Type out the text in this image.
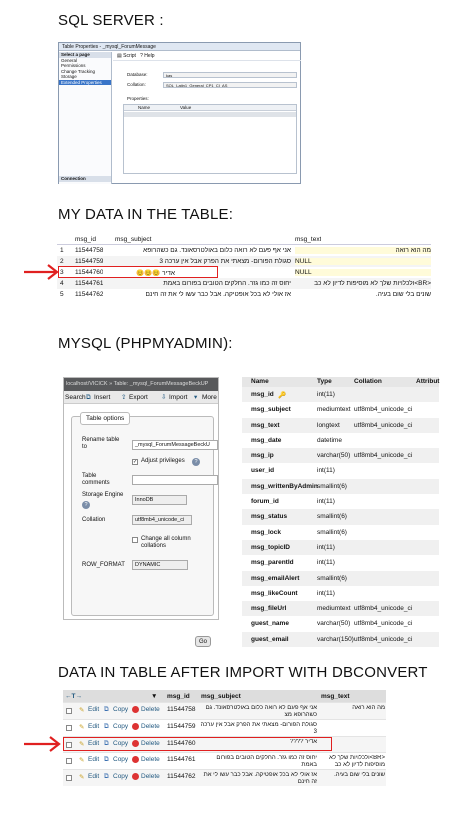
SQL SERVER :
MY DATA IN THE TABLE:
MYSQL (PHPMYADMIN):
DATA IN TABLE AFTER IMPORT WITH DBCONVERT
Table Properties - _mysql_ForumMessage
Select a page
General
Permissions
Change Tracking
Storage
Extended Properties
Connection
▤ Script ? Help
Database:	kas
Collation:	SQL_Latin1_General_CP1_CI_AS
Properties:
Name	Value
msg_id	msg_subject	msg_text
1 11544758	אני אף פעם לא רואה כלום באולטרסאונד. גם כשהרופא	מה הוא רואה
2 11544759	סגולת הפורום- מצאתי את הפרק אבל אין ערכה 3 NULL
3 11544760	אדיר 😊😊😊	NULL
4 11544761	יחוס זה כמו גזר. החלקים הטובים בפורום באמת	<BR>ולכלויות שלך לא מוסיפות לדיון לא כב
5 11544762	אז אולי לא בכל אופטיקה. אבל כבר עשו לי את זה חינם	שונים בלי שום בעיה.
localhost/VICICK » Table: _mysql_ForumMessageBeckUP
Search ⧉ Insert ⇪ Export ⇩ Import ▾ More
Table options
Rename table to	_mysql_ForumMessageBeckU
✓ Adjust privileges	?
Table comments
Storage Engine
?
InnoDB
Collation	utf8mb4_unicode_ci
Change all column collations
ROW_FORMAT	DYNAMIC
Go
Name	Type	Collation	Attribut
msg_id 🔑	int(11)
msg_subject	mediumtext utf8mb4_unicode_ci
msg_text	longtext utf8mb4_unicode_ci
msg_date	datetime
msg_ip	varchar(50) utf8mb4_unicode_ci
user_id	int(11)
msg_writtenByAdmin smallint(6)
forum_id	int(11)
msg_status	smallint(6)
msg_lock	smallint(6)
msg_topicID	int(11)
msg_parentId	int(11)
msg_emailAlert	smallint(6)
msg_likeCount	int(11)
msg_fileUrl	mediumtext utf8mb4_unicode_ci
guest_name	varchar(50) utf8mb4_unicode_ci
guest_email	varchar(150) utf8mb4_unicode_ci
←T→	▼ msg_id msg_subject	msg_text
✎ Edit ⧉ Copy Delete 11544758	אני אף פעם לא רואה כלום באולטרסאונד. גם כשהרופא מצ
מה הוא רואה
✎ Edit ⧉ Copy Delete 11544759 סגולת הפורום- מצאתי את הפרק אבל אין ערכה 3
✎ Edit ⧉ Copy Delete 11544760	אדיר ????
✎ Edit ⧉ Copy Delete 11544761	יחוס זה כמו גזר. החלקים הטובים בפורום באמת
<BR>ולכלויות שלך לא מוסיפות לדיון לא כב
✎ Edit ⧉ Copy Delete 11544762	אז אולי לא בכל אופטיקה. אבל כבר עשו לי את זה חינם
שונים בלי שום בעיה.
